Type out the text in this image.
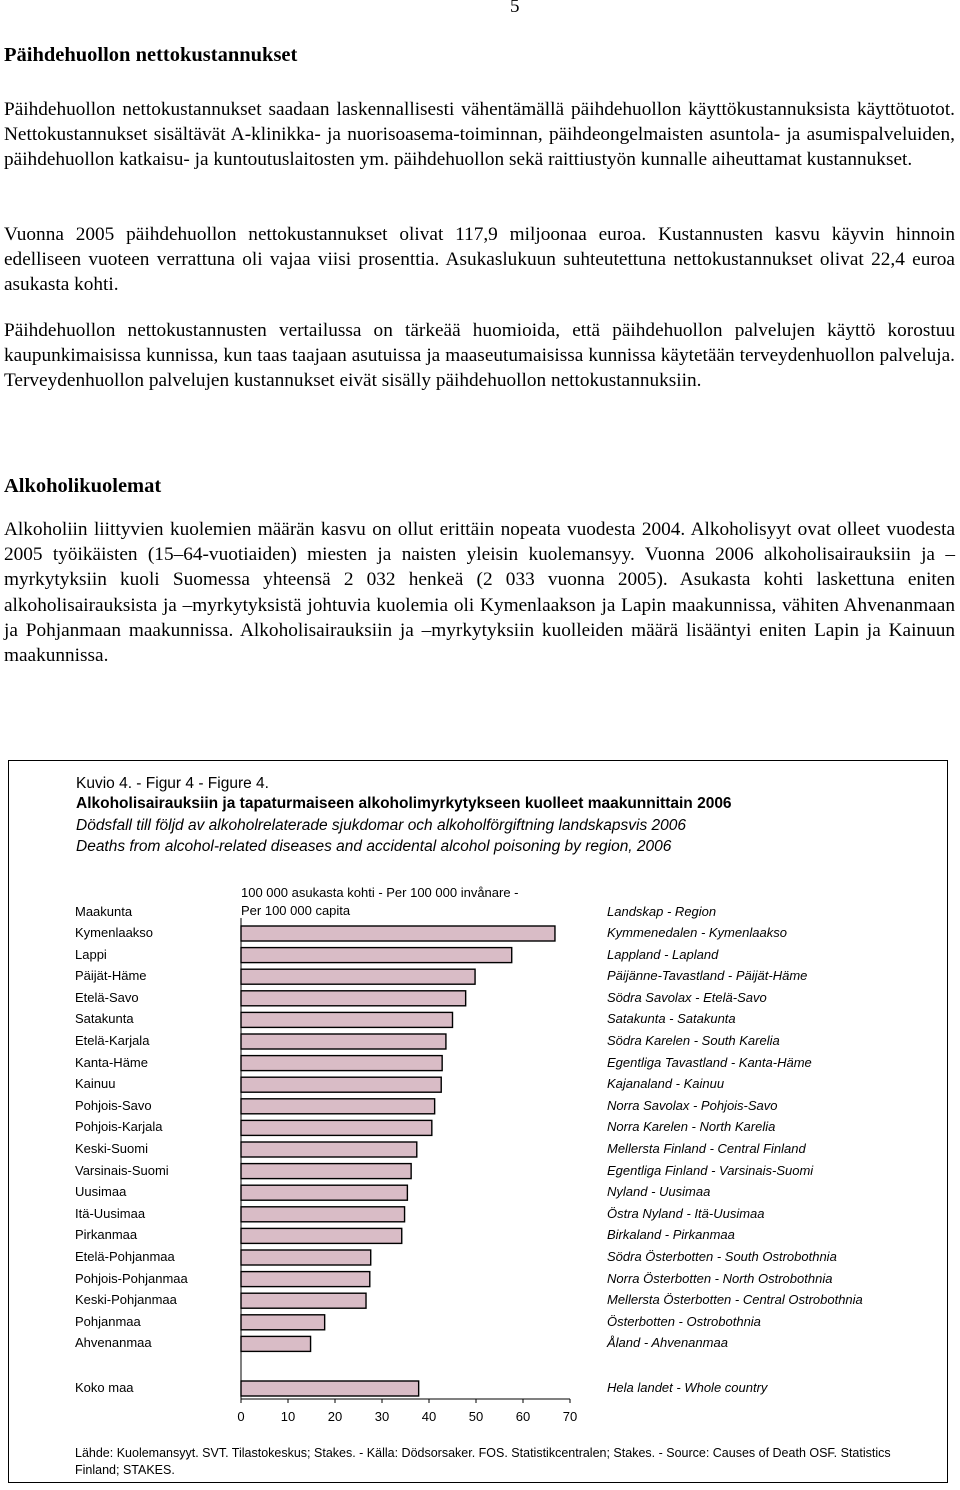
5
Päihdehuollon nettokustannukset

Päihdehuollon nettokustannukset saadaan laskennallisesti vähentämällä päihdehuollon käyttökustannuksista käyttötuotot. Nettokustannukset sisältävät A-klinikka- ja nuorisoasema-toiminnan, päihdeongelmaisten asuntola- ja asumispalveluiden, päihdehuollon katkaisu- ja kuntoutuslaitosten ym. päihdehuollon sekä raittiustyön kunnalle aiheuttamat kustannukset.

Vuonna 2005 päihdehuollon nettokustannukset olivat 117,9 miljoonaa euroa. Kustannusten kasvu käyvin hinnoin edelliseen vuoteen verrattuna oli vajaa viisi prosenttia. Asukaslukuun suhteutettuna nettokustannukset olivat 22,4 euroa asukasta kohti.

Päihdehuollon nettokustannusten vertailussa on tärkeää huomioida, että päihdehuollon palvelujen käyttö korostuu kaupunkimaisissa kunnissa, kun taas taajaan asutuissa ja maaseutumaisissa kunnissa käytetään terveydenhuollon palveluja. Terveydenhuollon palvelujen kustannukset eivät sisälly päihdehuollon nettokustannuksiin.

Alkoholikuolemat

Alkoholiin liittyvien kuolemien määrän kasvu on ollut erittäin nopeata vuodesta 2004. Alkoholisyyt ovat olleet vuodesta 2005 työikäisten (15–64-vuotiaiden) miesten ja naisten yleisin kuolemansyy. Vuonna 2006 alkoholisairauksiin ja –myrkytyksiin kuoli Suomessa yhteensä 2 032 henkeä (2 033 vuonna 2005). Asukasta kohti laskettuna eniten alkoholisairauksista ja –myrkytyksistä johtuvia kuolemia oli Kymenlaakson ja Lapin maakunnissa, vähiten Ahvenanmaan ja Pohjanmaan maakunnissa. Alkoholisairauksiin ja –myrkytyksiin kuolleiden määrä lisääntyi eniten Lapin ja Kainuun maakunnissa.

Kuvio 4. - Figur 4 - Figure 4.
Alkoholisairauksiin ja tapaturmaiseen alkoholimyrkytykseen kuolleet maakunnittain 2006
Dödsfall till följd av alkoholrelaterade sjukdomar och alkoholförgiftning landskapsvis 2006
Deaths from alcohol-related diseases and accidental alcohol poisoning by region, 2006
Maakunta
100 000 asukasta kohti - Per 100 000 invånare -
Per 100 000 capita	Landskap - Region
0	10	20	30	40	50	60	70
Kymenlaakso
Lappi
Päijät-Häme
Etelä-Savo
Satakunta
Etelä-Karjala
Kanta-Häme
Kainuu
Pohjois-Savo
Pohjois-Karjala
Keski-Suomi
Varsinais-Suomi
Uusimaa
Itä-Uusimaa
Pirkanmaa
Etelä-Pohjanmaa
Pohjois-Pohjanmaa
Keski-Pohjanmaa
Pohjanmaa
Ahvenanmaa
Koko maa
Kymmenedalen - Kymenlaakso
Lappland - Lapland
Päijänne-Tavastland - Päijät-Häme
Södra Savolax - Etelä-Savo
Satakunta - Satakunta
Södra Karelen - South Karelia
Egentliga Tavastland - Kanta-Häme
Kajanaland - Kainuu
Norra Savolax - Pohjois-Savo
Norra Karelen - North Karelia
Mellersta Finland - Central Finland
Egentliga Finland - Varsinais-Suomi
Nyland - Uusimaa
Östra Nyland - Itä-Uusimaa
Birkaland - Pirkanmaa
Södra Österbotten - South Ostrobothnia
Norra Österbotten - North Ostrobothnia
Mellersta Österbotten - Central Ostrobothnia
Österbotten - Ostrobothnia
Åland - Ahvenanmaa
Hela landet - Whole country
Lähde: Kuolemansyyt. SVT. Tilastokeskus; Stakes. - Källa: Dödsorsaker. FOS. Statistikcentralen; Stakes. - Source: Causes of Death OSF. Statistics Finland; STAKES.
